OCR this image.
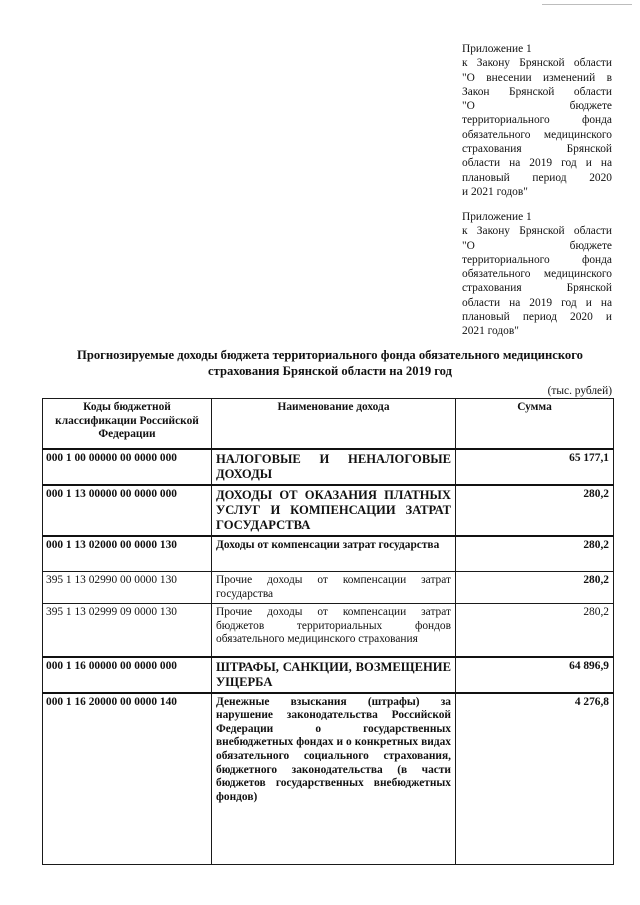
Приложение 1
к Закону Брянской области
"О внесении изменений в
Закон Брянской области
"О бюджете
территориального фонда
обязательного медицинского
страхования Брянской
области на 2019 год и на
плановый период 2020
и 2021 годов"
Приложение 1
к Закону Брянской области
"О бюджете
территориального фонда
обязательного медицинского
страхования Брянской
области на 2019 год и на
плановый период 2020 и
2021 годов"
Прогнозируемые доходы бюджета территориального фонда обязательного медицинского
страхования Брянской области на 2019 год
(тыс. рублей)
Коды бюджетной классификации Российской Федерации	Наименование дохода	Сумма
000 1 00 00000 00 0000 000	НАЛОГОВЫЕ И НЕНАЛОГОВЫЕ ДОХОДЫ	65 177,1
000 1 13 00000 00 0000 000	ДОХОДЫ ОТ ОКАЗАНИЯ ПЛАТНЫХ УСЛУГ И КОМПЕНСАЦИИ ЗАТРАТ ГОСУДАРСТВА	280,2
000 1 13 02000 00 0000 130	Доходы от компенсации затрат государства	280,2
395 1 13 02990 00 0000 130	Прочие доходы от компенсации затрат государства	280,2
395 1 13 02999 09 0000 130	Прочие доходы от компенсации затрат бюджетов территориальных фондов обязательного медицинского страхования	280,2
000 1 16 00000 00 0000 000	ШТРАФЫ, САНКЦИИ, ВОЗМЕЩЕНИЕ УЩЕРБА	64 896,9
000 1 16 20000 00 0000 140	Денежные взыскания (штрафы) за нарушение законодательства Российской Федерации о государственных внебюджетных фондах и о конкретных видах обязательного социального страхования, бюджетного законодательства (в части бюджетов государственных внебюджетных фондов)	4 276,8
